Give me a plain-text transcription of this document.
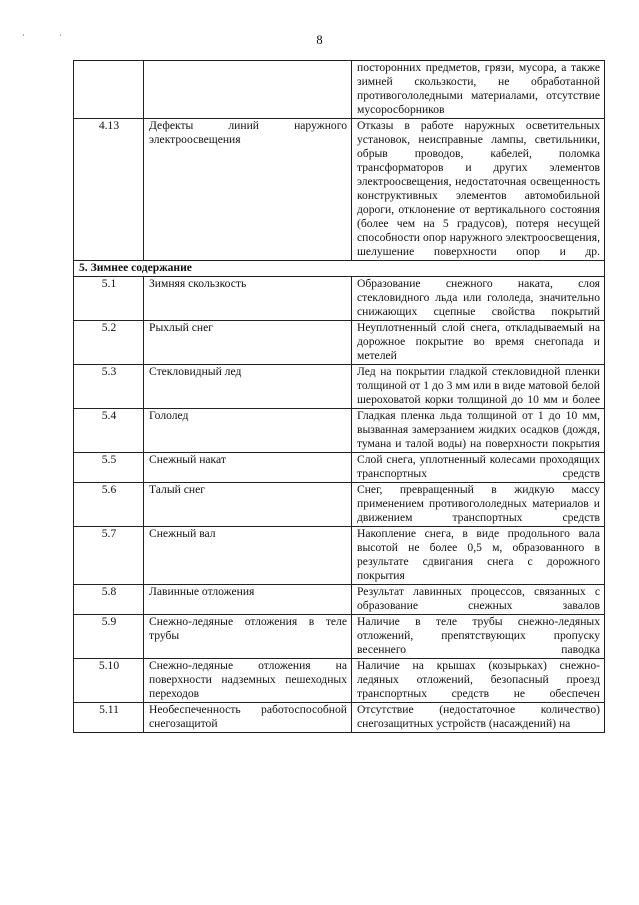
· ·	8
		посторонних предметов, грязи, мусора, а также зимней скользкости, не обработанной противогололедными материалами, отсутствие мусоросборников
4.13	Дефекты линий наружного электроосвещения	Отказы в работе наружных осветительных установок, неисправные лампы, светильники, обрыв проводов, кабелей, поломка трансформаторов и других элементов электроосвещения, недостаточная освещенность конструктивных элементов автомобильной дороги, отклонение от вертикального состояния (более чем на 5 градусов), потеря несущей способности опор наружного электроосвещения, шелушение поверхности опор и др.
5. Зимнее содержание		
5.1	Зимняя скользкость	Образование снежного наката, слоя стекловидного льда или гололеда, значительно снижающих сцепные свойства покрытий
5.2	Рыхлый снег	Неуплотненный слой снега, откладываемый на дорожное покрытие во время снегопада и метелей
5.3	Стекловидный лед	Лед на покрытии гладкой стекловидной пленки толщиной от 1 до 3 мм или в виде матовой белой шероховатой корки толщиной до 10 мм и более
5.4	Гололед	Гладкая пленка льда толщиной от 1 до 10 мм, вызванная замерзанием жидких осадков (дождя, тумана и талой воды) на поверхности покрытия
5.5	Снежный накат	Слой снега, уплотненный колесами проходящих транспортных средств
5.6	Талый снег	Снег, превращенный в жидкую массу применением противогололедных материалов и движением транспортных средств
5.7	Снежный вал	Накопление снега, в виде продольного вала высотой не более 0,5 м, образованного в результате сдвигания снега с дорожного покрытия
5.8	Лавинные отложения	Результат лавинных процессов, связанных с образование снежных завалов
5.9	Снежно-ледяные отложения в теле трубы	Наличие в теле трубы снежно-ледяных отложений, препятствующих пропуску весеннего паводка
5.10	Снежно-ледяные отложения на поверхности надземных пешеходных переходов	Наличие на крышах (козырьках) снежно-ледяных отложений, безопасный проезд транспортных средств не обеспечен
5.11	Необеспеченность работоспособной снегозащитой	Отсутствие (недостаточное количество) снегозащитных устройств (насаждений) на
